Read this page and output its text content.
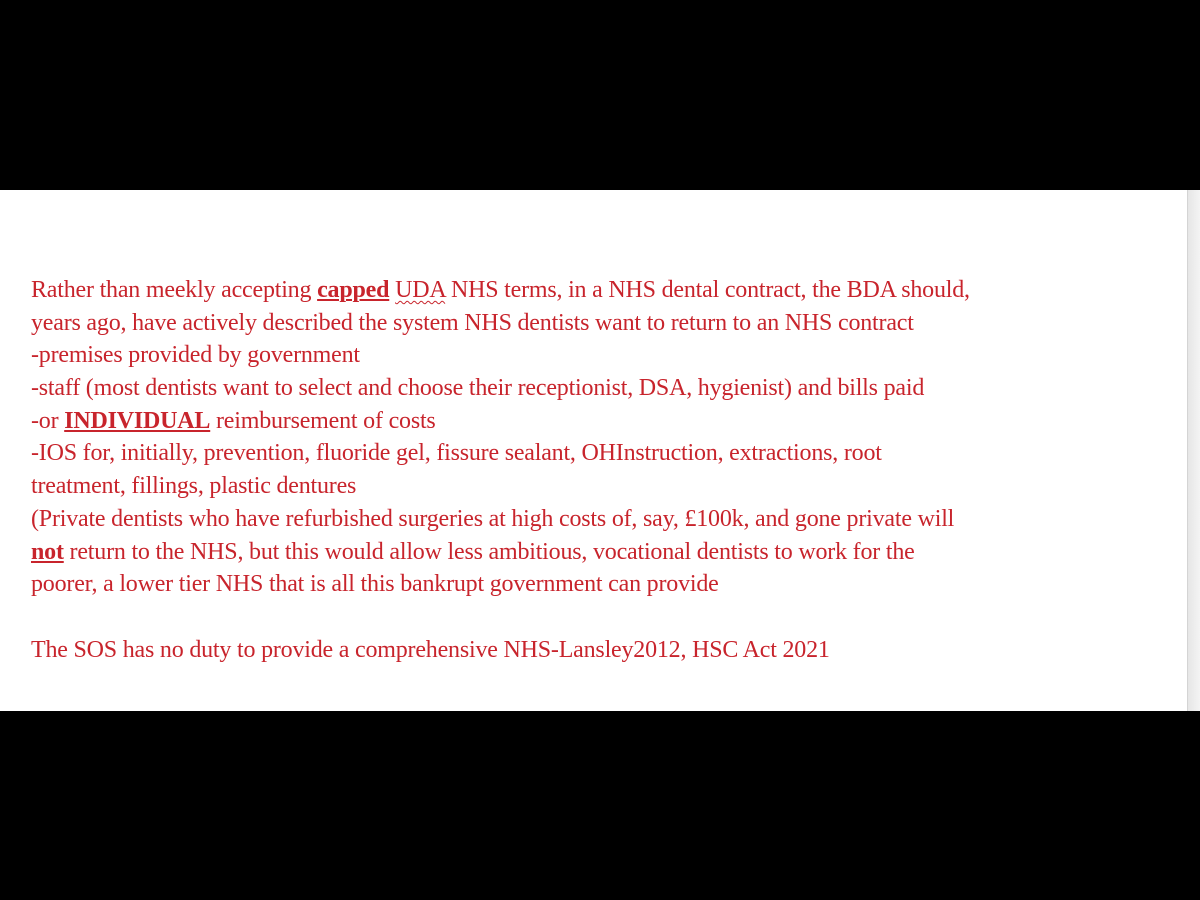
Rather than meekly accepting capped UDA NHS terms, in a NHS dental contract, the BDA should,
years ago, have actively described the system NHS dentists want to return to an NHS contract
-premises provided by government
-staff (most dentists want to select and choose their receptionist, DSA, hygienist) and bills paid
-or INDIVIDUAL reimbursement of costs
-IOS for, initially, prevention, fluoride gel, fissure sealant, OHInstruction, extractions, root
treatment, fillings, plastic dentures
(Private dentists who have refurbished surgeries at high costs of, say, £100k, and gone private will
not return to the NHS, but this would allow less ambitious, vocational dentists to work for the
poorer, a lower tier NHS that is all this bankrupt government can provide
The SOS has no duty to provide a comprehensive NHS-Lansley2012, HSC Act 2021
